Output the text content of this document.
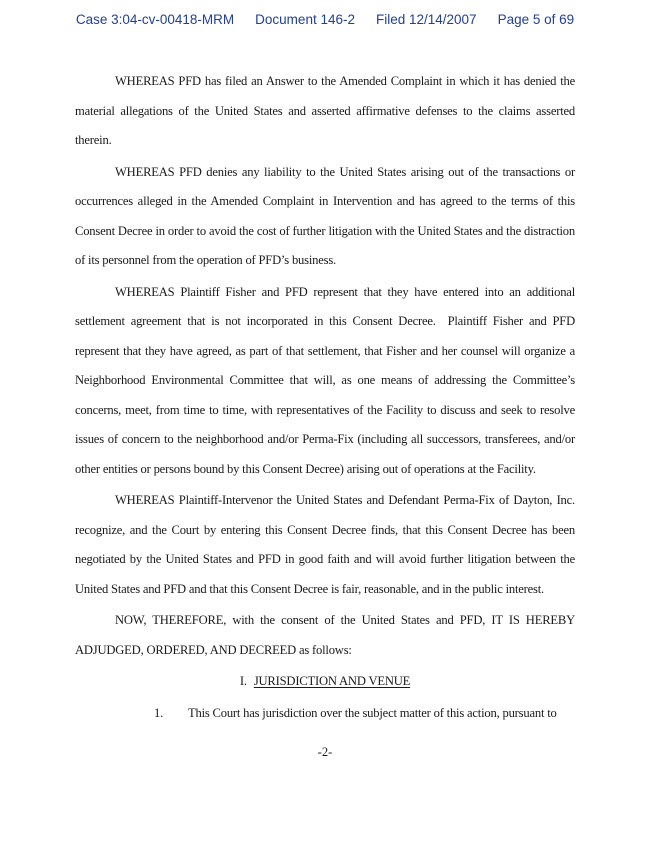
Case 3:04-cv-00418-MRM Document 146-2 Filed 12/14/2007 Page 5 of 69

WHEREAS PFD has filed an Answer to the Amended Complaint in which it has denied the material allegations of the United States and asserted affirmative defenses to the claims asserted therein.

WHEREAS PFD denies any liability to the United States arising out of the transactions or occurrences alleged in the Amended Complaint in Intervention and has agreed to the terms of this Consent Decree in order to avoid the cost of further litigation with the United States and the distraction of its personnel from the operation of PFD’s business.

WHEREAS Plaintiff Fisher and PFD represent that they have entered into an additional settlement agreement that is not incorporated in this Consent Decree.  Plaintiff Fisher and PFD represent that they have agreed, as part of that settlement, that Fisher and her counsel will organize a Neighborhood Environmental Committee that will, as one means of addressing the Committee’s concerns, meet, from time to time, with representatives of the Facility to discuss and seek to resolve issues of concern to the neighborhood and/or Perma-Fix (including all successors, transferees, and/or other entities or persons bound by this Consent Decree) arising out of operations at the Facility.

WHEREAS Plaintiff-Intervenor the United States and Defendant Perma-Fix of Dayton, Inc. recognize, and the Court by entering this Consent Decree finds, that this Consent Decree has been negotiated by the United States and PFD in good faith and will avoid further litigation between the United States and PFD and that this Consent Decree is fair, reasonable, and in the public interest.

NOW, THEREFORE, with the consent of the United States and PFD, IT IS HEREBY ADJUDGED, ORDERED, AND DECREED as follows:

I. JURISDICTION AND VENUE

1. This Court has jurisdiction over the subject matter of this action, pursuant to

-2-
